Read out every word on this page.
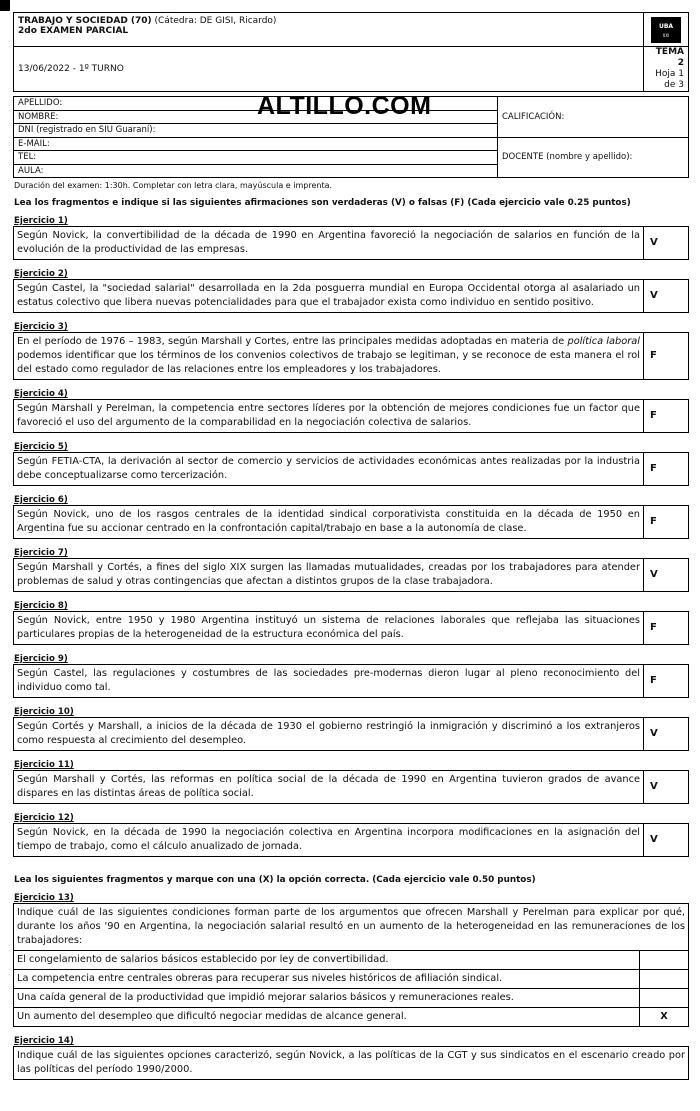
TRABAJO Y SOCIEDAD (70) (Cátedra: DE GISI, Ricardo)
2do EXAMEN PARCIAL	UBA
XXI

13/06/2022 - 1º TURNO	TEMA 2
Hoja 1 de 3
APELLIDO:	CALIFICACIÓN:
NOMBRE:	
DNI (registrado en SIU Guaraní):	
E-MAIL:	DOCENTE (nombre y apellido):
TEL:	
AULA:	
Duración del examen: 1:30h. Completar con letra clara, mayúscula e imprenta.
Lea los fragmentos e indique si las siguientes afirmaciones son verdaderas (V) o falsas (F) (Cada ejercicio vale 0.25 puntos)
Ejercicio 1)
Según Novick, la convertibilidad de la década de 1990 en Argentina favoreció la negociación de salarios en función de la evolución de la productividad de las empresas.	V
Ejercicio 2)
Según Castel, la "sociedad salarial" desarrollada en la 2da posguerra mundial en Europa Occidental otorga al asalariado un estatus colectivo que libera nuevas potencialidades para que el trabajador exista como individuo en sentido positivo.	V
Ejercicio 3)
En el período de 1976 – 1983, según Marshall y Cortes, entre las principales medidas adoptadas en materia de política laboral podemos identificar que los términos de los convenios colectivos de trabajo se legitiman, y se reconoce de esta manera el rol del estado como regulador de las relaciones entre los empleadores y los trabajadores.	F
Ejercicio 4)
Según Marshall y Perelman, la competencia entre sectores líderes por la obtención de mejores condiciones fue un factor que favoreció el uso del argumento de la comparabilidad en la negociación colectiva de salarios.	F
Ejercicio 5)
Según FETIA-CTA, la derivación al sector de comercio y servicios de actividades económicas antes realizadas por la industria debe conceptualizarse como tercerización.	F
Ejercicio 6)
Según Novick, uno de los rasgos centrales de la identidad sindical corporativista constituida en la década de 1950 en Argentina fue su accionar centrado en la confrontación capital/trabajo en base a la autonomía de clase.	F
Ejercicio 7)
Según Marshall y Cortés, a fines del siglo XIX surgen las llamadas mutualidades, creadas por los trabajadores para atender problemas de salud y otras contingencias que afectan a distintos grupos de la clase trabajadora.	V
Ejercicio 8)
Según Novick, entre 1950 y 1980 Argentina instituyó un sistema de relaciones laborales que reflejaba las situaciones particulares propias de la heterogeneidad de la estructura económica del país.	F
Ejercicio 9)
Según Castel, las regulaciones y costumbres de las sociedades pre-modernas dieron lugar al pleno reconocimiento del individuo como tal.	F
Ejercicio 10)
Según Cortés y Marshall, a inicios de la década de 1930 el gobierno restringió la inmigración y discriminó a los extranjeros como respuesta al crecimiento del desempleo.	V
Ejercicio 11)
Según Marshall y Cortés, las reformas en política social de la década de 1990 en Argentina tuvieron grados de avance dispares en las distintas áreas de política social.	V
Ejercicio 12)
Según Novick, en la década de 1990 la negociación colectiva en Argentina incorpora modificaciones en la asignación del tiempo de trabajo, como el cálculo anualizado de jornada.	V
Lea los siguientes fragmentos y marque con una (X) la opción correcta. (Cada ejercicio vale 0.50 puntos)
Ejercicio 13)
Indique cuál de las siguientes condiciones forman parte de los argumentos que ofrecen Marshall y Perelman para explicar por qué, durante los años '90 en Argentina, la negociación salarial resultó en un aumento de la heterogeneidad en las remuneraciones de los trabajadores:	
El congelamiento de salarios básicos establecido por ley de convertibilidad.	
La competencia entre centrales obreras para recuperar sus niveles históricos de afiliación sindical.	
Una caída general de la productividad que impidió mejorar salarios básicos y remuneraciones reales.	
Un aumento del desempleo que dificultó negociar medidas de alcance general.	X
Ejercicio 14)
Indique cuál de las siguientes opciones caracterizó, según Novick, a las políticas de la CGT y sus sindicatos en el escenario creado por las políticas del período 1990/2000.
ALTILLO.COM
